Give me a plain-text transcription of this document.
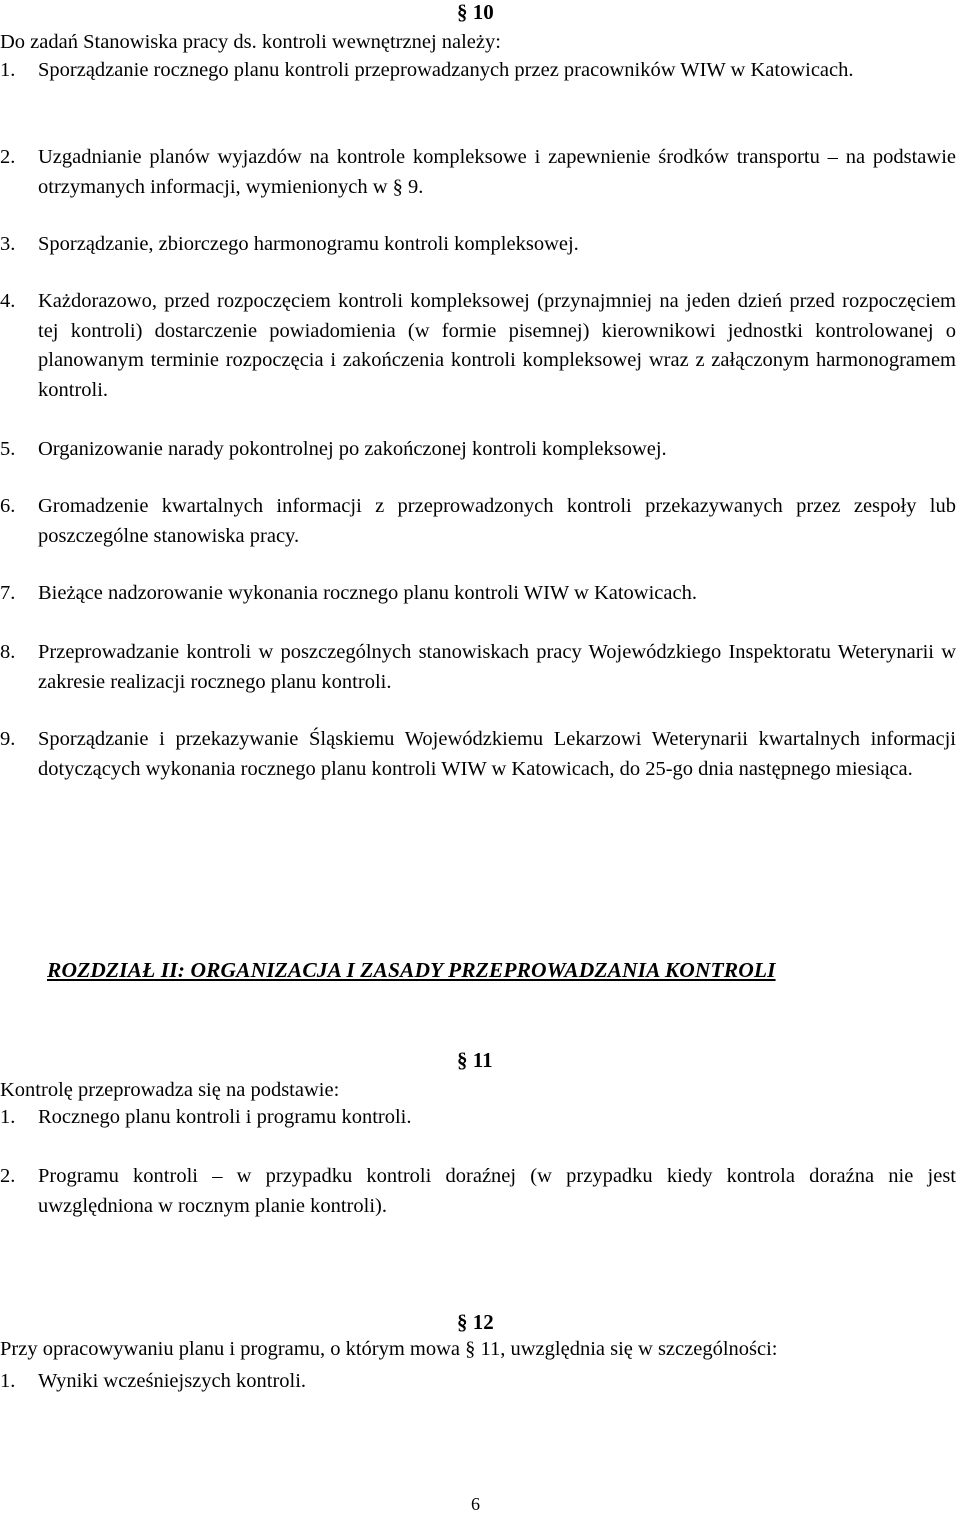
§ 10
Do zadań Stanowiska pracy ds. kontroli wewnętrznej należy:
1. Sporządzanie rocznego planu kontroli przeprowadzanych przez pracowników WIW w Katowicach.
2. Uzgadnianie planów wyjazdów na kontrole kompleksowe i zapewnienie środków transportu – na podstawie otrzymanych informacji, wymienionych w § 9.
3. Sporządzanie, zbiorczego harmonogramu kontroli kompleksowej.
4. Każdorazowo, przed rozpoczęciem kontroli kompleksowej (przynajmniej na jeden dzień przed rozpoczęciem tej kontroli) dostarczenie powiadomienia (w formie pisemnej) kierownikowi jednostki kontrolowanej o planowanym terminie rozpoczęcia i zakończenia kontroli kompleksowej wraz z załączonym harmonogramem kontroli.
5. Organizowanie narady pokontrolnej po zakończonej kontroli kompleksowej.
6. Gromadzenie kwartalnych informacji z przeprowadzonych kontroli przekazywanych przez zespoły lub poszczególne stanowiska pracy.
7. Bieżące nadzorowanie wykonania rocznego planu kontroli WIW w Katowicach.
8. Przeprowadzanie kontroli w poszczególnych stanowiskach pracy Wojewódzkiego Inspektoratu Weterynarii w zakresie realizacji rocznego planu kontroli.
9. Sporządzanie i przekazywanie Śląskiemu Wojewódzkiemu Lekarzowi Weterynarii kwartalnych informacji dotyczących wykonania rocznego planu kontroli WIW w Katowicach, do 25-go dnia następnego miesiąca.
ROZDZIAŁ II: ORGANIZACJA I ZASADY PRZEPROWADZANIA KONTROLI
§ 11
Kontrolę przeprowadza się na podstawie:
1. Rocznego planu kontroli i programu kontroli.
2. Programu kontroli – w przypadku kontroli doraźnej (w przypadku kiedy kontrola doraźna nie jest uwzględniona w rocznym planie kontroli).
§ 12
Przy opracowywaniu planu i programu, o którym mowa § 11, uwzględnia się w szczególności:
1. Wyniki wcześniejszych kontroli.
6
